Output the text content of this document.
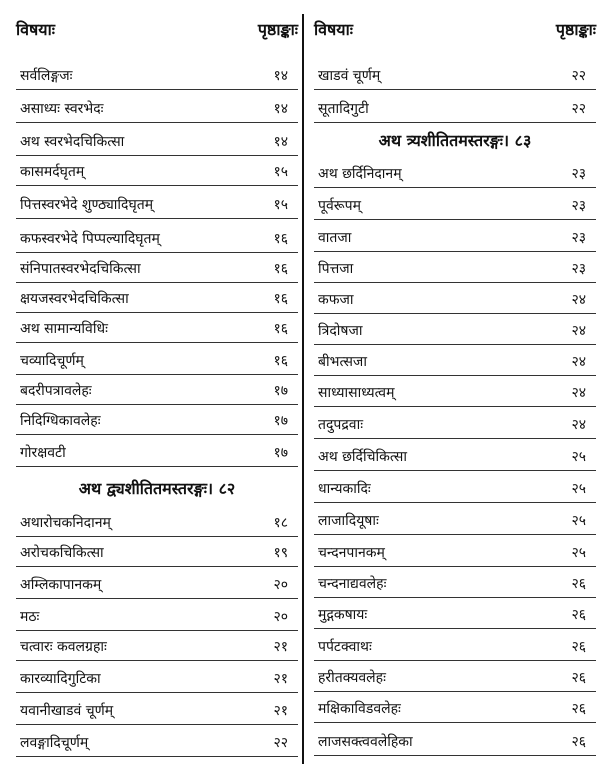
विषयाः	पृष्ठाङ्काः
सर्वलिङ्गजः	१४
असाध्यः स्वरभेदः	१४
अथ स्वरभेदचिकित्सा	१४
कासमर्दघृतम्	१५
पित्तस्वरभेदे शुण्ठ्यादिघृतम्	१५
कफस्वरभेदे पिप्पल्यादिघृतम्	१६
संनिपातस्वरभेदचिकित्सा	१६
क्षयजस्वरभेदचिकित्सा	१६
अथ सामान्यविधिः	१६
चव्यादिचूर्णम्	१६
बदरीपत्रावलेहः	१७
निदिग्धिकावलेहः	१७
गोरक्षवटी	१७
अथ द्व्यशीतितमस्तरङ्गः। ८२
अथारोचकनिदानम्	१८
अरोचकचिकित्सा	१९
अम्लिकापानकम्	२०
मठः	२०
चत्वारः कवलग्रहाः	२१
कारव्यादिगुटिका	२१
यवानीखाडवं चूर्णम्	२१
लवङ्गादिचूर्णम्	२२
विषयाः	पृष्ठाङ्काः
खाडवं चूर्णम्	२२
सूतादिगुटी	२२
अथ त्र्यशीतितमस्तरङ्गः। ८३
अथ छर्दिनिदानम्	२३
पूर्वरूपम्	२३
वातजा	२३
पित्तजा	२३
कफजा	२४
त्रिदोषजा	२४
बीभत्सजा	२४
साध्यासाध्यत्वम्	२४
तदुपद्रवाः	२४
अथ छर्दिचिकित्सा	२५
धान्यकादिः	२५
लाजादियूषाः	२५
चन्दनपानकम्	२५
चन्दनाद्यवलेहः	२६
मुद्गकषायः	२६
पर्पटक्वाथः	२६
हरीतक्यवलेहः	२६
मक्षिकाविडवलेहः	२६
लाजसक्त्ववलेहिका	२६
